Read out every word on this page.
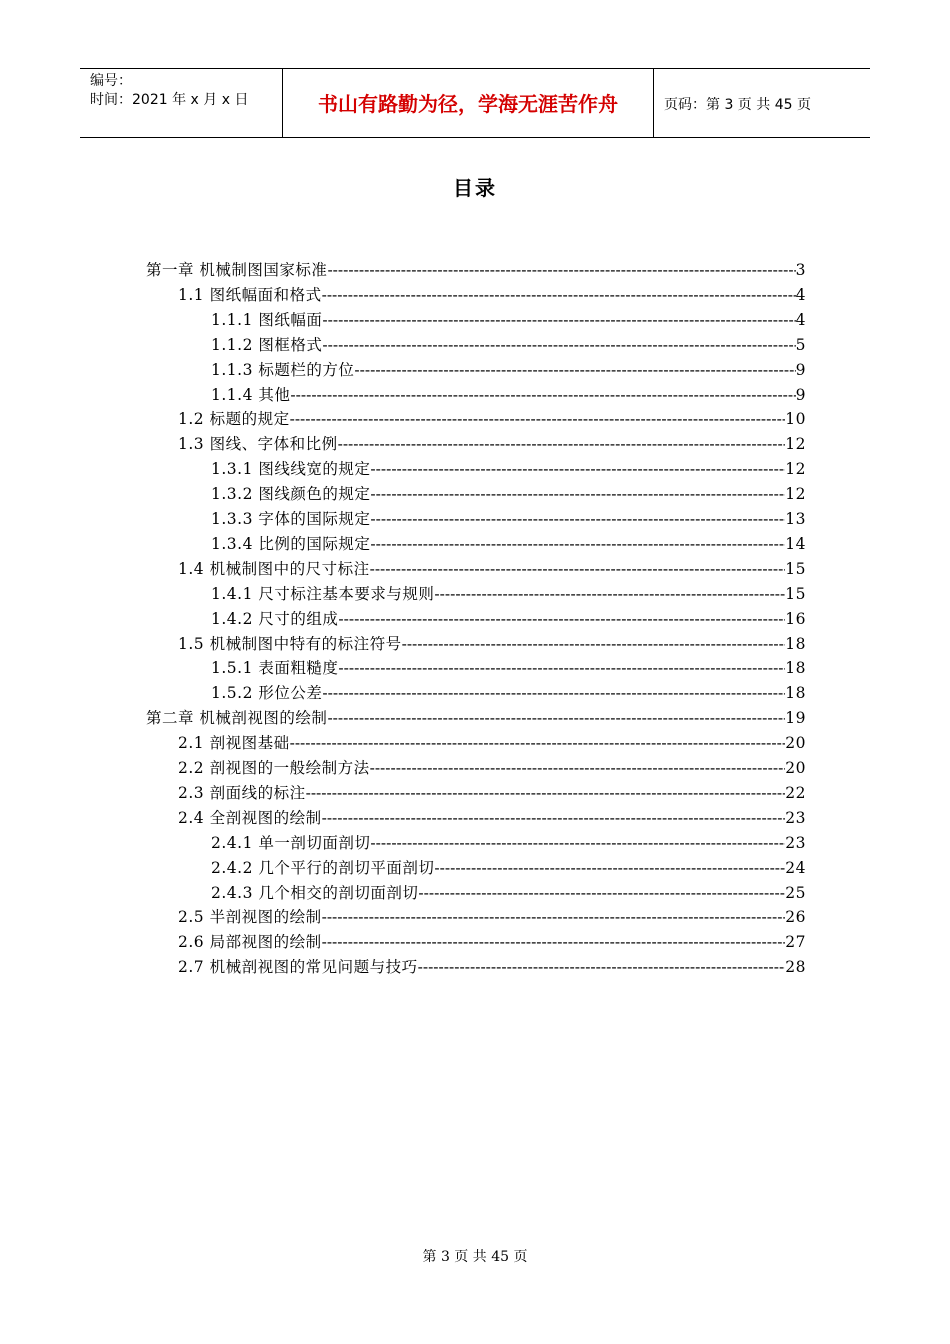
编号：
时间：2021 年 x 月 x 日	书山有路勤为径，学海无涯苦作舟	页码：第 3 页 共 45 页
目录
第一章 机械制图国家标准 -----	3
1.1 图纸幅面和格式 -----	4
1.1.1 图纸幅面 -----	4
1.1.2 图框格式 -----	5
1.1.3 标题栏的方位 -----	9
1.1.4 其他 -----	9
1.2 标题的规定 -----	10
1.3 图线、字体和比例 -----	12
1.3.1 图线线宽的规定 -----	12
1.3.2 图线颜色的规定 -----	12
1.3.3 字体的国际规定 -----	13
1.3.4 比例的国际规定 -----	14
1.4 机械制图中的尺寸标注 -----	15
1.4.1 尺寸标注基本要求与规则 -----	15
1.4.2 尺寸的组成 -----	16
1.5 机械制图中特有的标注符号 -----	18
1.5.1 表面粗糙度 -----	18
1.5.2 形位公差 -----	18
第二章 机械剖视图的绘制 -----	19
2.1 剖视图基础 -----	20
2.2 剖视图的一般绘制方法 -----	20
2.3 剖面线的标注 -----	22
2.4 全剖视图的绘制 -----	23
2.4.1 单一剖切面剖切 -----	23
2.4.2 几个平行的剖切平面剖切 -----	24
2.4.3 几个相交的剖切面剖切 -----	25
2.5 半剖视图的绘制 -----	26
2.6 局部视图的绘制 -----	27
2.7 机械剖视图的常见问题与技巧 -----	28
第 3 页 共 45 页
